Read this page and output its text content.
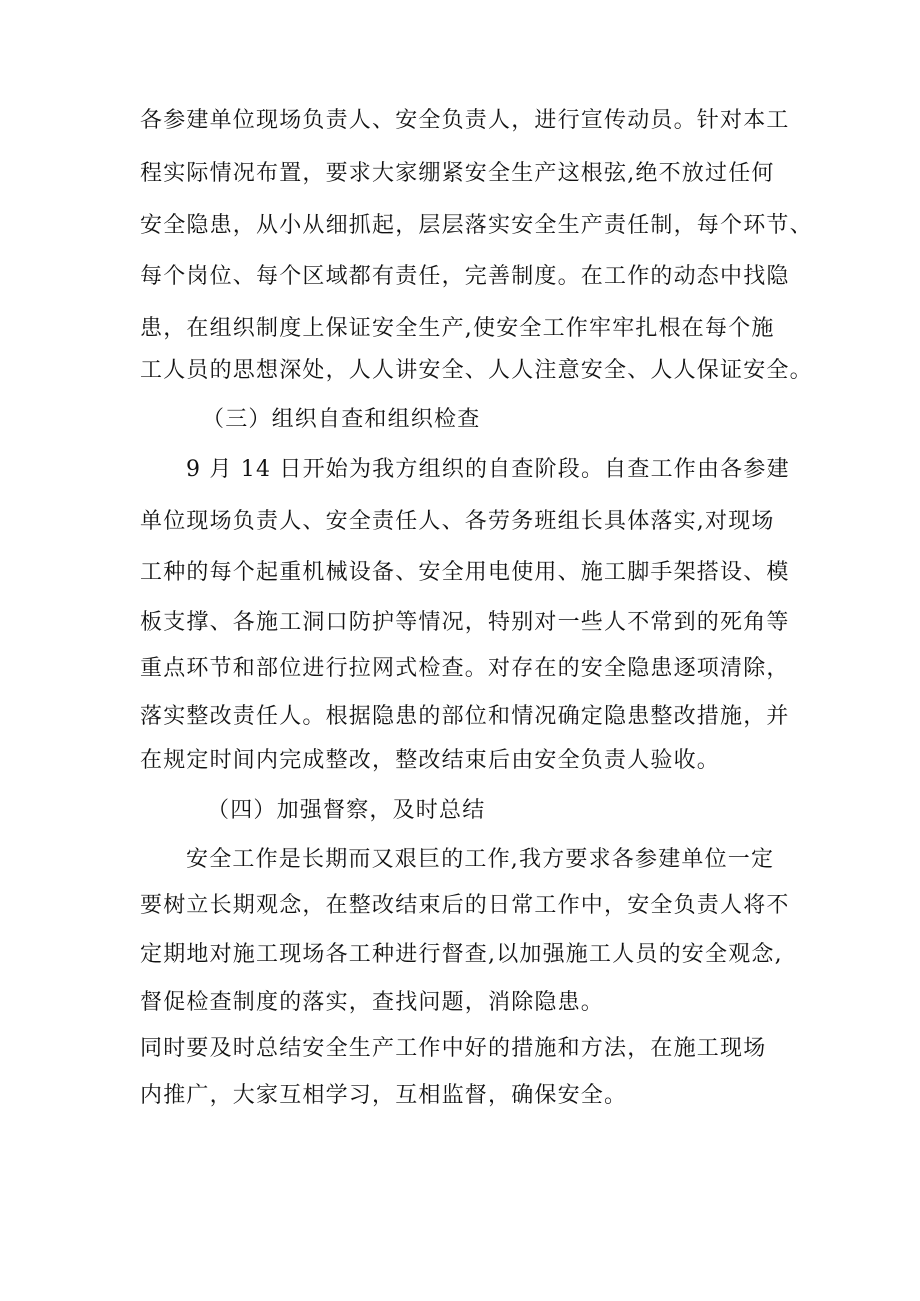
各参建单位现场负责人、安全负责人，进行宣传动员。针对本工
程实际情况布置，要求大家绷紧安全生产这根弦,绝不放过任何
安全隐患，从小从细抓起，层层落实安全生产责任制，每个环节、
每个岗位、每个区域都有责任，完善制度。在工作的动态中找隐
患，在组织制度上保证安全生产,使安全工作牢牢扎根在每个施
工人员的思想深处，人人讲安全、人人注意安全、人人保证安全。
（三）组织自查和组织检查
9 月 14 日开始为我方组织的自查阶段。自查工作由各参建
单位现场负责人、安全责任人、各劳务班组长具体落实,对现场
工种的每个起重机械设备、安全用电使用、施工脚手架搭设、模
板支撑、各施工洞口防护等情况，特别对一些人不常到的死角等
重点环节和部位进行拉网式检查。对存在的安全隐患逐项清除，
落实整改责任人。根据隐患的部位和情况确定隐患整改措施，并
在规定时间内完成整改，整改结束后由安全负责人验收。
（四）加强督察，及时总结
安全工作是长期而又艰巨的工作,我方要求各参建单位一定
要树立长期观念，在整改结束后的日常工作中，安全负责人将不
定期地对施工现场各工种进行督查,以加强施工人员的安全观念,
督促检查制度的落实，查找问题，消除隐患。
同时要及时总结安全生产工作中好的措施和方法，在施工现场
内推广，大家互相学习，互相监督，确保安全。
